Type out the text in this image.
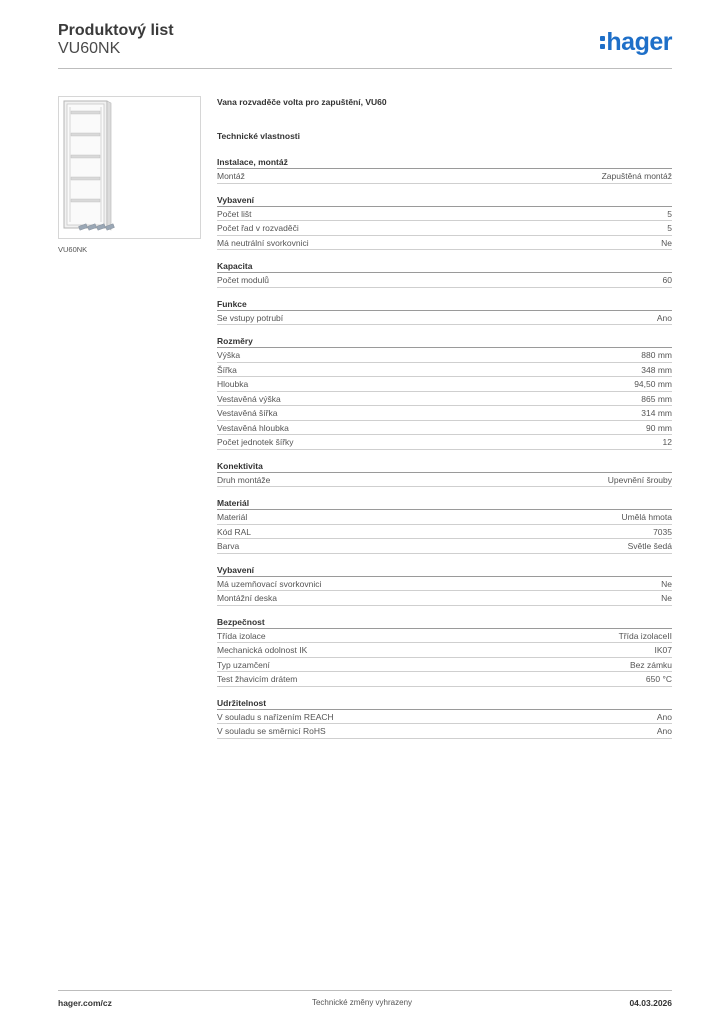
Produktový list
VU60NK	hager
VU60NK
Vana rozvaděče volta pro zapuštění, VU60
Technické vlastnosti
Instalace, montáž
Montáž	Zapuštěná montáž
Vybavení
Počet lišt	5
Počet řad v rozvaděči	5
Má neutrální svorkovnici	Ne
Kapacita
Počet modulů	60
Funkce
Se vstupy potrubí	Ano
Rozměry
Výška	880 mm
Šířka	348 mm
Hloubka	94,50 mm
Vestavěná výška	865 mm
Vestavěná šířka	314 mm
Vestavěná hloubka	90 mm
Počet jednotek šířky	12
Konektivita
Druh montáže	Upevnění šrouby
Materiál
Materiál	Umělá hmota
Kód RAL	7035
Barva	Světle šedá
Vybavení
Má uzemňovací svorkovnici	Ne
Montážní deska	Ne
Bezpečnost
Třída izolace	Třída izolaceII
Mechanická odolnost IK	IK07
Typ uzamčení	Bez zámku
Test žhavicím drátem	650 °C
Udržitelnost
V souladu s nařízením REACH	Ano
V souladu se směrnicí RoHS	Ano
hager.com/cz	Technické změny vyhrazeny	04.03.2026
